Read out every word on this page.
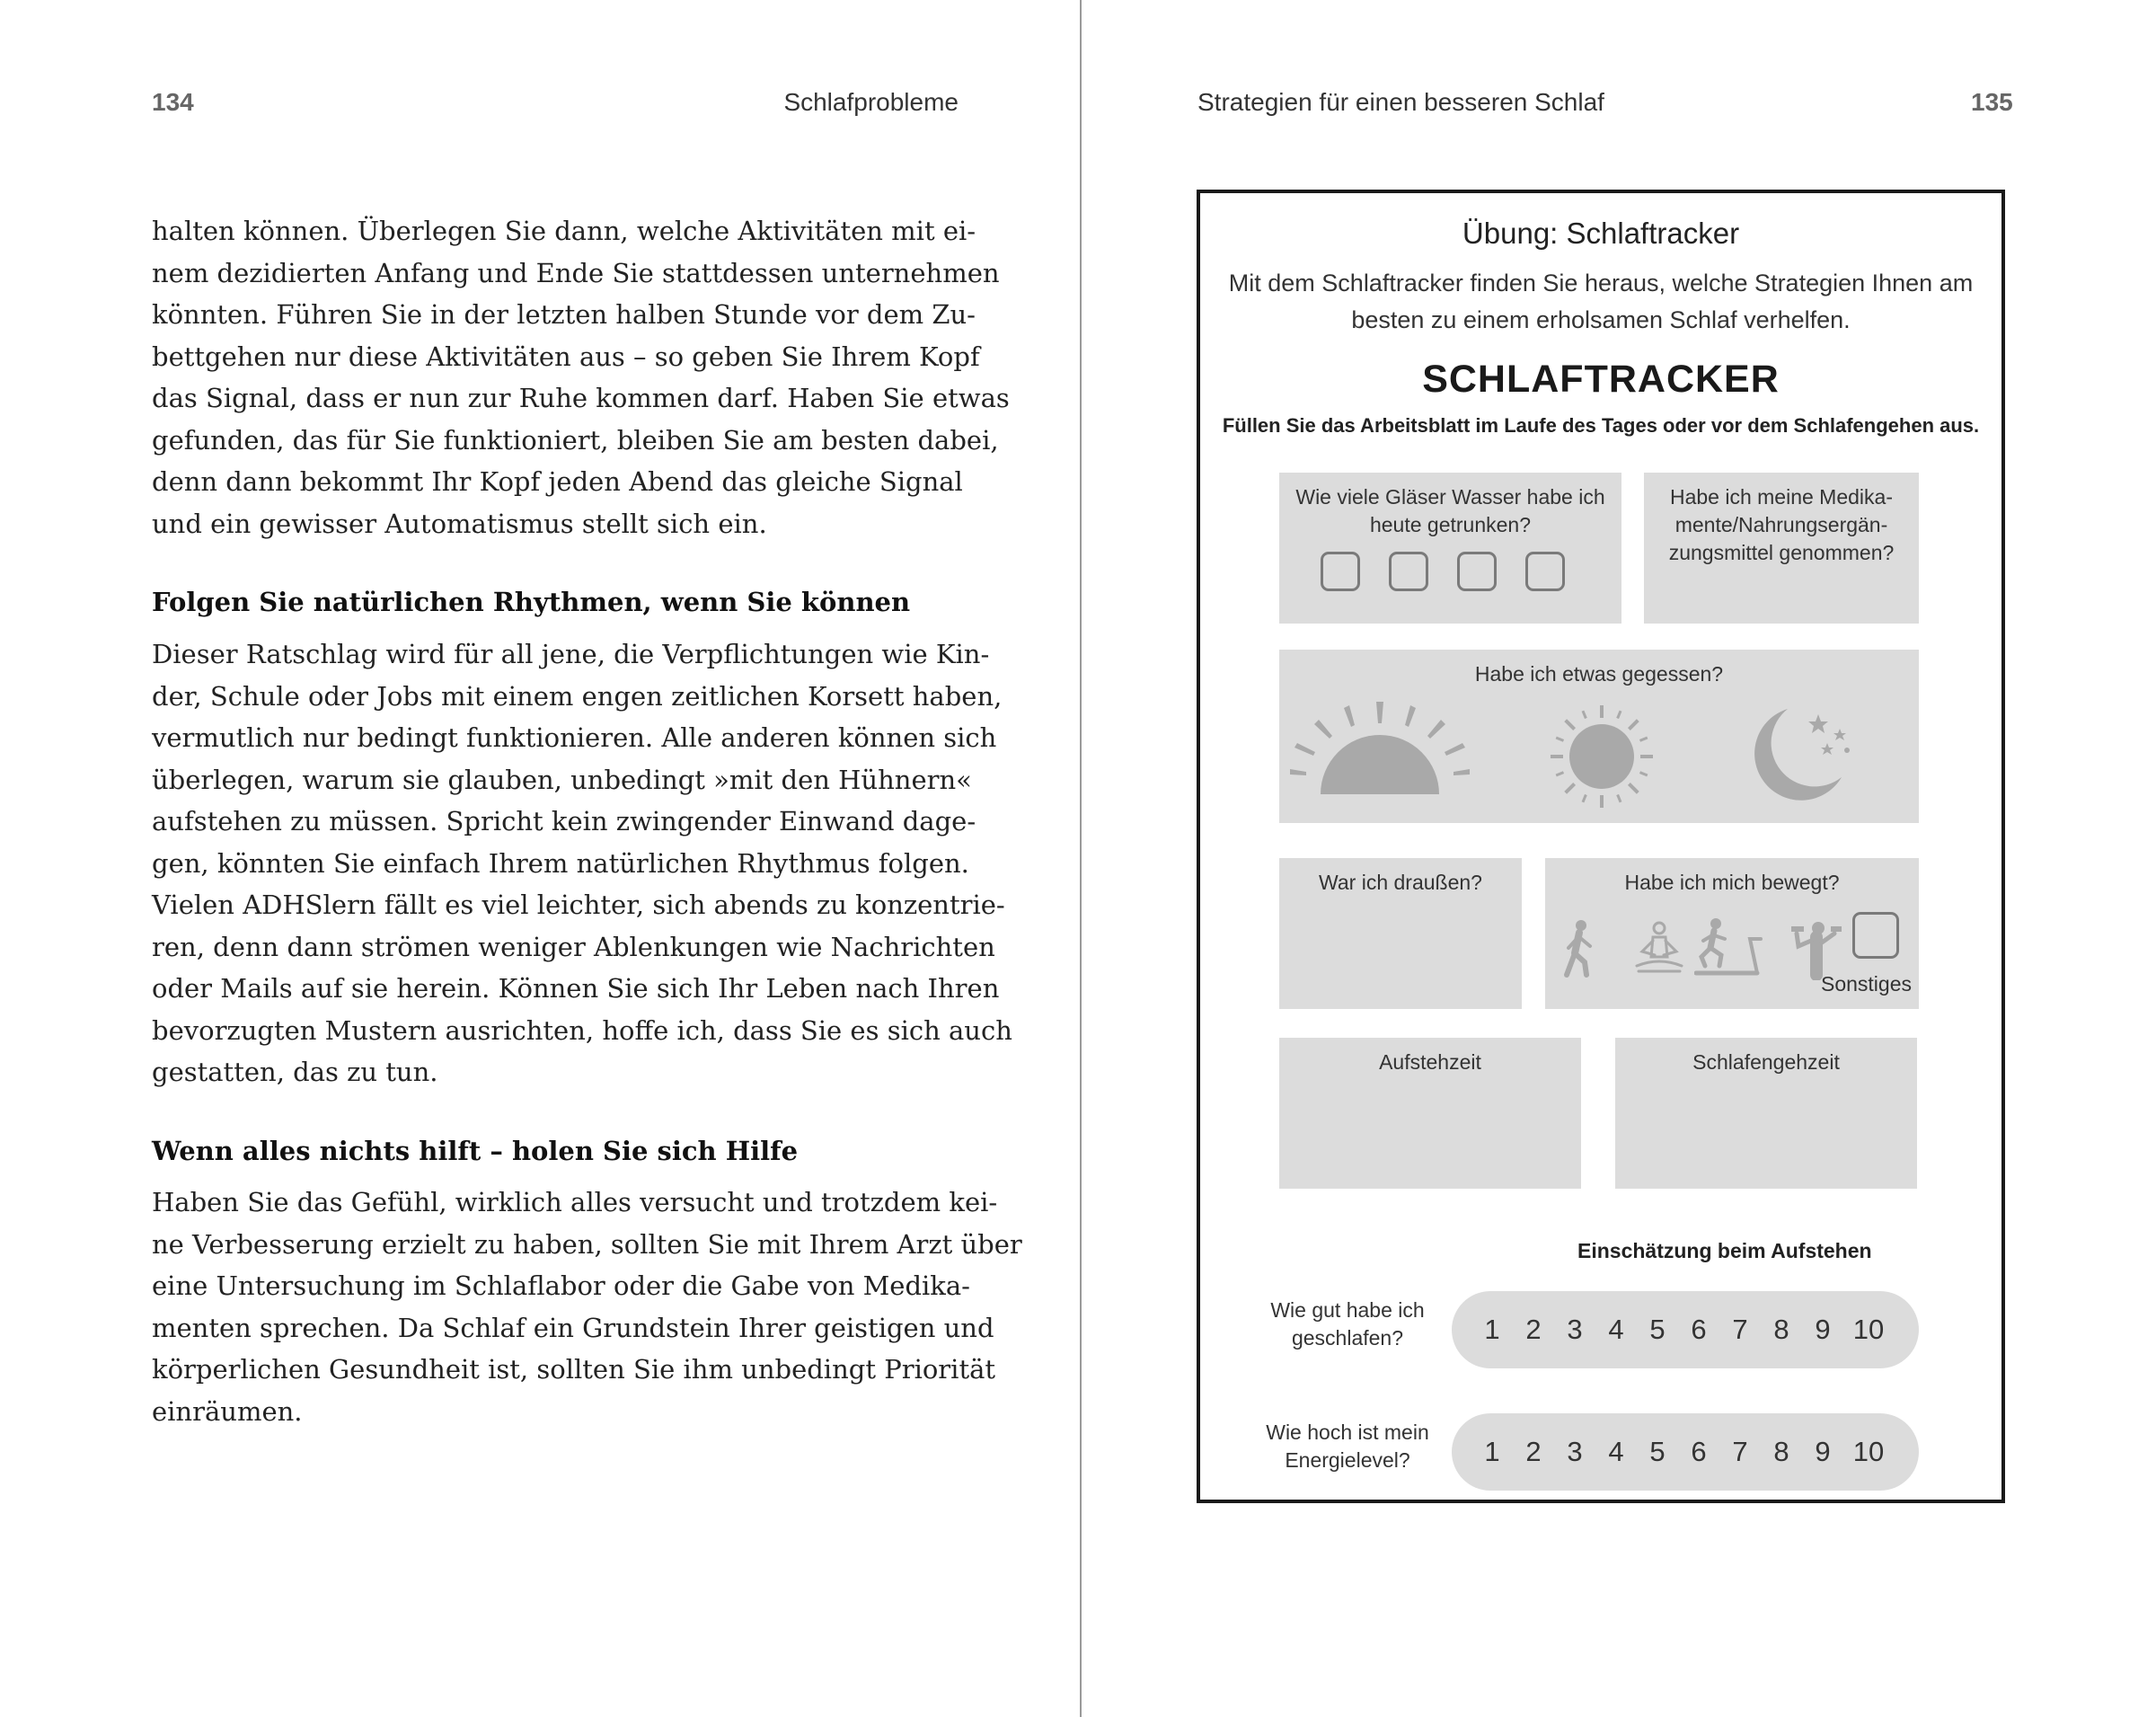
134	Schlafprobleme
halten können. Überlegen Sie dann, welche Aktivitäten mit ei-
nem dezidierten Anfang und Ende Sie stattdessen unternehmen
könnten. Führen Sie in der letzten halben Stunde vor dem Zu-
bettgehen nur diese Aktivitäten aus – so geben Sie Ihrem Kopf
das Signal, dass er nun zur Ruhe kommen darf. Haben Sie etwas
gefunden, das für Sie funktioniert, bleiben Sie am besten dabei,
denn dann bekommt Ihr Kopf jeden Abend das gleiche Signal
und ein gewisser Automatismus stellt sich ein.
Folgen Sie natürlichen Rhythmen, wenn Sie können
Dieser Ratschlag wird für all jene, die Verpflichtungen wie Kin-
der, Schule oder Jobs mit einem engen zeitlichen Korsett haben,
vermutlich nur bedingt funktionieren. Alle anderen können sich
überlegen, warum sie glauben, unbedingt »mit den Hühnern«
aufstehen zu müssen. Spricht kein zwingender Einwand dage-
gen, könnten Sie einfach Ihrem natürlichen Rhythmus folgen.
Vielen ADHSlern fällt es viel leichter, sich abends zu konzentrie-
ren, denn dann strömen weniger Ablenkungen wie Nachrichten
oder Mails auf sie herein. Können Sie sich Ihr Leben nach Ihren
bevorzugten Mustern ausrichten, hoffe ich, dass Sie es sich auch
gestatten, das zu tun.
Wenn alles nichts hilft – holen Sie sich Hilfe
Haben Sie das Gefühl, wirklich alles versucht und trotzdem kei-
ne Verbesserung erzielt zu haben, sollten Sie mit Ihrem Arzt über
eine Untersuchung im Schlaflabor oder die Gabe von Medika-
menten sprechen. Da Schlaf ein Grundstein Ihrer geistigen und
körperlichen Gesundheit ist, sollten Sie ihm unbedingt Priorität
einräumen.
Strategien für einen besseren Schlaf	135
Übung: Schlaftracker
Mit dem Schlaftracker finden Sie heraus, welche Strategien Ihnen am
besten zu einem erholsamen Schlaf verhelfen.
SCHLAFTRACKER
Füllen Sie das Arbeitsblatt im Laufe des Tages oder vor dem Schlafengehen aus.
Wie viele Gläser Wasser habe ich
heute getrunken?
Habe ich meine Medika-
mente/Nahrungsergän-
zungsmittel genommen?
Habe ich etwas gegessen?
War ich draußen?	Habe ich mich bewegt?
Sonstiges
Aufstehzeit	Schlafengehzeit
Einschätzung beim Aufstehen
Wie gut habe ich
geschlafen?	1 2 3 4 5 6 7 8 9 10
Wie hoch ist mein
Energielevel?	1 2 3 4 5 6 7 8 9 10
